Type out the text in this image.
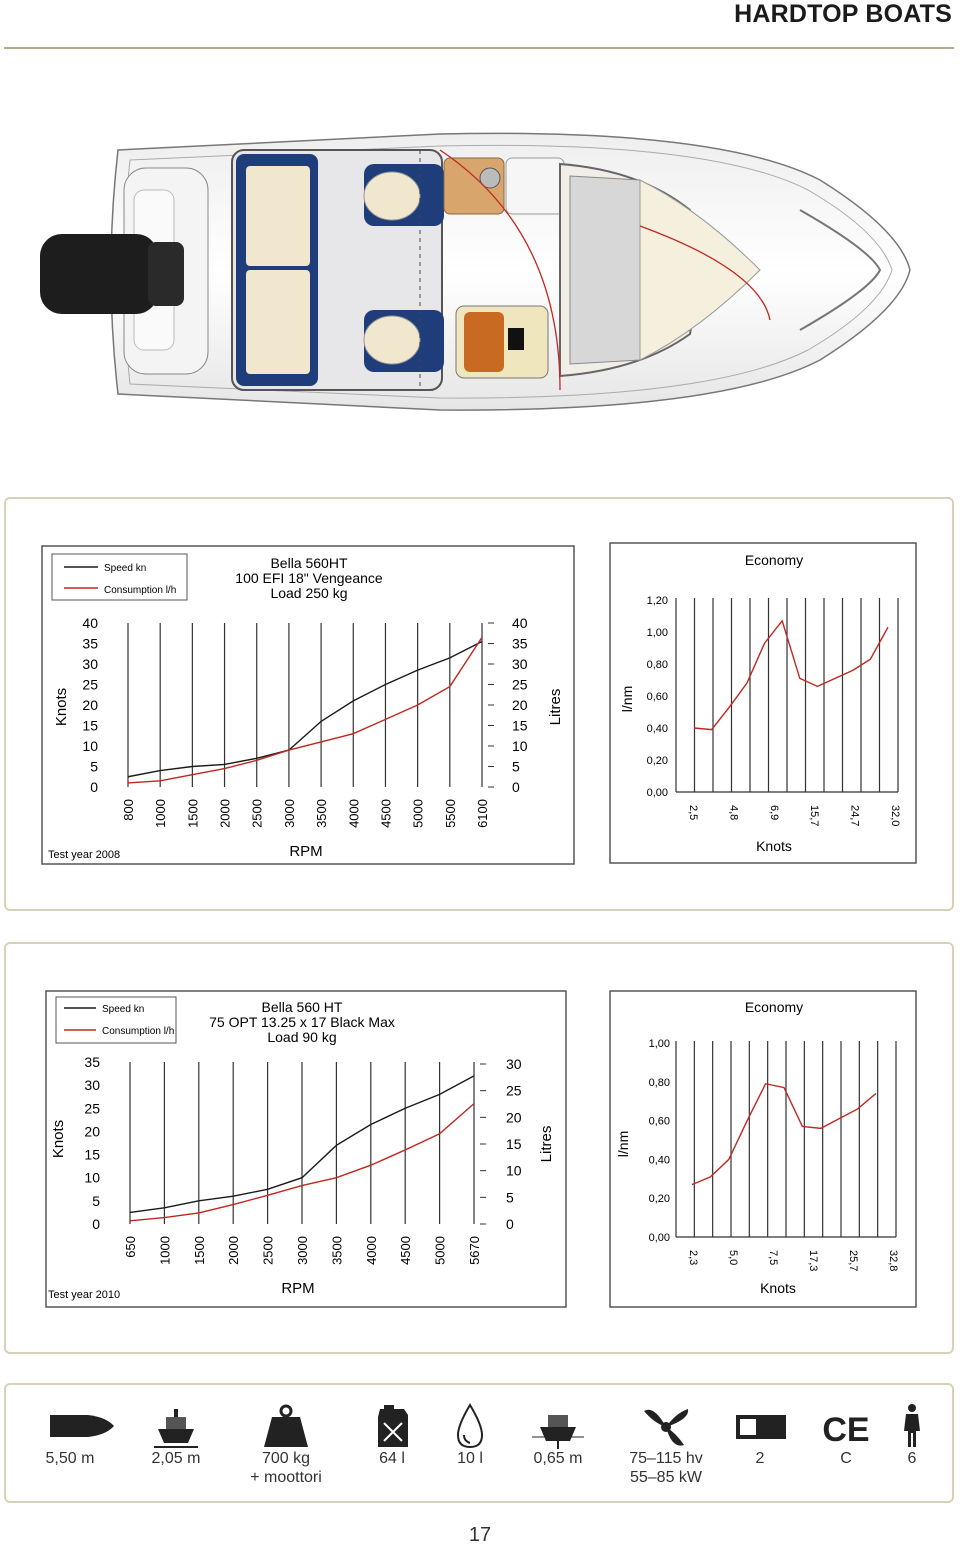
HARDTOP BOATS
Speed kn
Consumption l/h
Bella 560HT
100 EFI 18" Vengeance
Load 250 kg
Knots	Litres
RPM
Test year 2008
40
35
30
25
20
15
10
5
0
40
35
30
25
20
15
10
5
0
800 1000 1500 2000 2500 3000 3500 4000 4500 5000 5500 6100
Economy
l/nm
Knots
1,20
1,00
0,80
0,60
0,40
0,20
0,00
2,5	4,8	6,9	15,7	24,7	32,0
Speed kn
Consumption l/h
Bella 560 HT
75 OPT 13.25 x 17 Black Max
Load 90 kg
Knots	Litres
RPM
Test year 2010
35
30
25
20
15
10
5
0
30
25
20
15
10
5
0
650 1000 1500 2000 2500 3000 3500 4000 4500 5000 5670
Economy
l/nm
Knots
1,00
0,80
0,60
0,40
0,20
0,00
2,3	5,0	7,5	17,3	25,7	32,8
5,50 m	2,05 m	700 kg
+ moottori
64 l	10 l	0,65 m	75–115 hv
55–85 kW
2
CE
C	6
17
